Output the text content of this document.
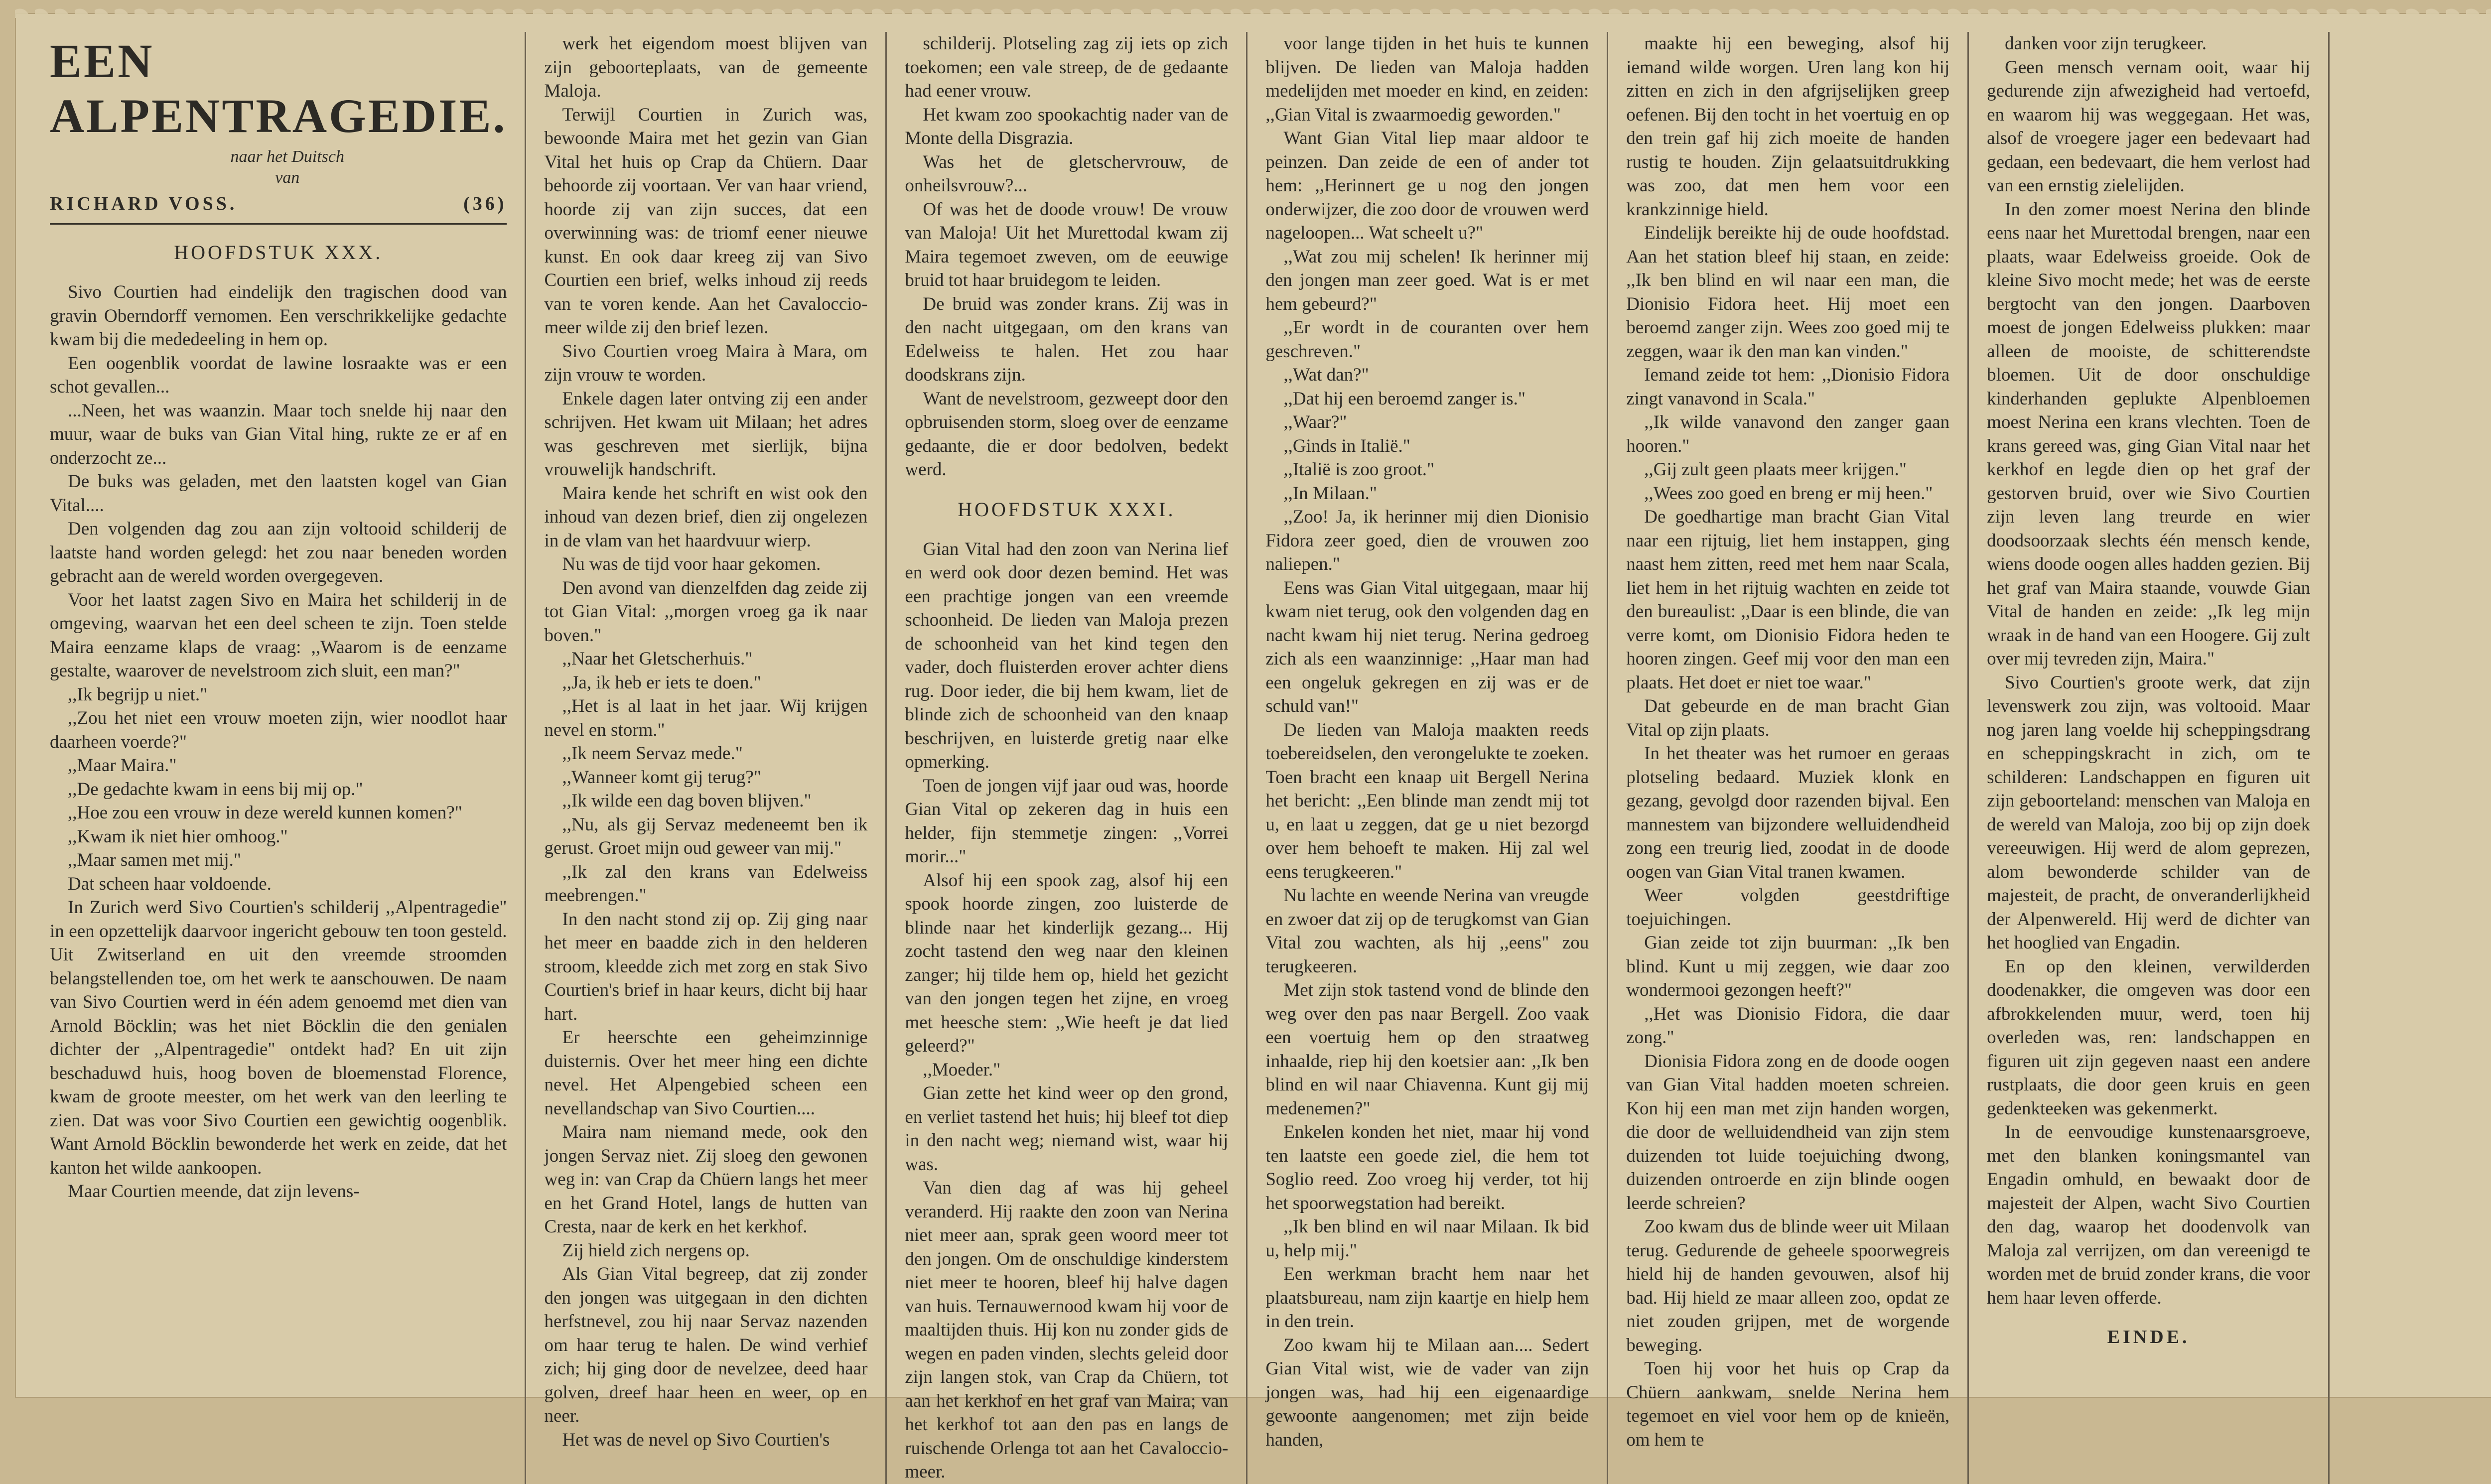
EEN ALPENTRAGEDIE.

naar het Duitsch

van

RICHARD VOSS.	(36)
HOOFDSTUK XXX.

Sivo Courtien had eindelijk den tragischen dood van gravin Oberndorff vernomen. Een verschrikkelijke gedachte kwam bij die mededeeling in hem op.

Een oogenblik voordat de lawine losraakte was er een schot gevallen...

...Neen, het was waanzin. Maar toch snelde hij naar den muur, waar de buks van Gian Vital hing, rukte ze er af en onderzocht ze...

De buks was geladen, met den laatsten kogel van Gian Vital....

Den volgenden dag zou aan zijn voltooid schilderij de laatste hand worden gelegd: het zou naar beneden worden gebracht aan de wereld worden overgegeven.

Voor het laatst zagen Sivo en Maira het schilderij in de omgeving, waarvan het een deel scheen te zijn. Toen stelde Maira eenzame klaps de vraag: ,,Waarom is de eenzame gestalte, waarover de nevelstroom zich sluit, een man?"

,,Ik begrijp u niet."

,,Zou het niet een vrouw moeten zijn, wier noodlot haar daarheen voerde?"

,,Maar Maira."

,,De gedachte kwam in eens bij mij op."

,,Hoe zou een vrouw in deze wereld kunnen komen?"

,,Kwam ik niet hier omhoog."

,,Maar samen met mij."

Dat scheen haar voldoende.

In Zurich werd Sivo Courtien's schilderij ,,Alpentragedie" in een opzettelijk daarvoor ingericht gebouw ten toon gesteld. Uit Zwitserland en uit den vreemde stroomden belangstellenden toe, om het werk te aanschouwen. De naam van Sivo Courtien werd in één adem genoemd met dien van Arnold Böcklin; was het niet Böcklin die den genialen dichter der ,,Alpentragedie" ontdekt had? En uit zijn beschaduwd huis, hoog boven de bloemenstad Florence, kwam de groote meester, om het werk van den leerling te zien. Dat was voor Sivo Courtien een gewichtig oogenblik. Want Arnold Böcklin bewonderde het werk en zeide, dat het kanton het wilde aankoopen.

Maar Courtien meende, dat zijn levens-

werk het eigendom moest blijven van zijn geboorteplaats, van de gemeente Maloja.

Terwijl Courtien in Zurich was, bewoonde Maira met het gezin van Gian Vital het huis op Crap da Chüern. Daar behoorde zij voortaan. Ver van haar vriend, hoorde zij van zijn succes, dat een overwinning was: de triomf eener nieuwe kunst. En ook daar kreeg zij van Sivo Courtien een brief, welks inhoud zij reeds van te voren kende. Aan het Cavaloccio-meer wilde zij den brief lezen.

Sivo Courtien vroeg Maira à Mara, om zijn vrouw te worden.

Enkele dagen later ontving zij een ander schrijven. Het kwam uit Milaan; het adres was geschreven met sierlijk, bijna vrouwelijk handschrift.

Maira kende het schrift en wist ook den inhoud van dezen brief, dien zij ongelezen in de vlam van het haardvuur wierp.

Nu was de tijd voor haar gekomen.

Den avond van dienzelfden dag zeide zij tot Gian Vital: ,,morgen vroeg ga ik naar boven."

,,Naar het Gletscherhuis."

,,Ja, ik heb er iets te doen."

,,Het is al laat in het jaar. Wij krijgen nevel en storm."

,,Ik neem Servaz mede."

,,Wanneer komt gij terug?"

,,Ik wilde een dag boven blijven."

,,Nu, als gij Servaz medeneemt ben ik gerust. Groet mijn oud geweer van mij."

,,Ik zal den krans van Edelweiss meebrengen."

In den nacht stond zij op. Zij ging naar het meer en baadde zich in den helderen stroom, kleedde zich met zorg en stak Sivo Courtien's brief in haar keurs, dicht bij haar hart.

Er heerschte een geheimzinnige duisternis. Over het meer hing een dichte nevel. Het Alpengebied scheen een nevellandschap van Sivo Courtien....

Maira nam niemand mede, ook den jongen Servaz niet. Zij sloeg den gewonen weg in: van Crap da Chüern langs het meer en het Grand Hotel, langs de hutten van Cresta, naar de kerk en het kerkhof.

Zij hield zich nergens op.

Als Gian Vital begreep, dat zij zonder den jongen was uitgegaan in den dichten herfstnevel, zou hij naar Servaz nazenden om haar terug te halen. De wind verhief zich; hij ging door de nevelzee, deed haar golven, dreef haar heen en weer, op en neer.

Het was de nevel op Sivo Courtien's

schilderij. Plotseling zag zij iets op zich toekomen; een vale streep, de de gedaante had eener vrouw.

Het kwam zoo spookachtig nader van de Monte della Disgrazia.

Was het de gletschervrouw, de onheilsvrouw?...

Of was het de doode vrouw! De vrouw van Maloja! Uit het Murettodal kwam zij Maira tegemoet zweven, om de eeuwige bruid tot haar bruidegom te leiden.

De bruid was zonder krans. Zij was in den nacht uitgegaan, om den krans van Edelweiss te halen. Het zou haar doodskrans zijn.

Want de nevelstroom, gezweept door den opbruisenden storm, sloeg over de eenzame gedaante, die er door bedolven, bedekt werd.

HOOFDSTUK XXXI.

Gian Vital had den zoon van Nerina lief en werd ook door dezen bemind. Het was een prachtige jongen van een vreemde schoonheid. De lieden van Maloja prezen de schoonheid van het kind tegen den vader, doch fluisterden erover achter diens rug. Door ieder, die bij hem kwam, liet de blinde zich de schoonheid van den knaap beschrijven, en luisterde gretig naar elke opmerking.

Toen de jongen vijf jaar oud was, hoorde Gian Vital op zekeren dag in huis een helder, fijn stemmetje zingen: ,,Vorrei morir..."

Alsof hij een spook zag, alsof hij een spook hoorde zingen, zoo luisterde de blinde naar het kinderlijk gezang... Hij zocht tastend den weg naar den kleinen zanger; hij tilde hem op, hield het gezicht van den jongen tegen het zijne, en vroeg met heesche stem: ,,Wie heeft je dat lied geleerd?"

,,Moeder."

Gian zette het kind weer op den grond, en verliet tastend het huis; hij bleef tot diep in den nacht weg; niemand wist, waar hij was.

Van dien dag af was hij geheel veranderd. Hij raakte den zoon van Nerina niet meer aan, sprak geen woord meer tot den jongen. Om de onschuldige kinderstem niet meer te hooren, bleef hij halve dagen van huis. Ternauwernood kwam hij voor de maaltijden thuis. Hij kon nu zonder gids de wegen en paden vinden, slechts geleid door zijn langen stok, van Crap da Chüern, tot aan het kerkhof en het graf van Maira; van het kerkhof tot aan den pas en langs de ruischende Orlenga tot aan het Cavaloccio-meer.

voor lange tijden in het huis te kunnen blijven. De lieden van Maloja hadden medelijden met moeder en kind, en zeiden: ,,Gian Vital is zwaarmoedig geworden."

Want Gian Vital liep maar aldoor te peinzen. Dan zeide de een of ander tot hem: ,,Herinnert ge u nog den jongen onderwijzer, die zoo door de vrouwen werd nageloopen... Wat scheelt u?"

,,Wat zou mij schelen! Ik herinner mij den jongen man zeer goed. Wat is er met hem gebeurd?"

,,Er wordt in de couranten over hem geschreven."

,,Wat dan?"

,,Dat hij een beroemd zanger is."

,,Waar?"

,,Ginds in Italië."

,,Italië is zoo groot."

,,In Milaan."

,,Zoo! Ja, ik herinner mij dien Dionisio Fidora zeer goed, dien de vrouwen zoo naliepen."

Eens was Gian Vital uitgegaan, maar hij kwam niet terug, ook den volgenden dag en nacht kwam hij niet terug. Nerina gedroeg zich als een waanzinnige: ,,Haar man had een ongeluk gekregen en zij was er de schuld van!"

De lieden van Maloja maakten reeds toebereidselen, den verongelukte te zoeken. Toen bracht een knaap uit Bergell Nerina het bericht: ,,Een blinde man zendt mij tot u, en laat u zeggen, dat ge u niet bezorgd over hem behoeft te maken. Hij zal wel eens terugkeeren."

Nu lachte en weende Nerina van vreugde en zwoer dat zij op de terugkomst van Gian Vital zou wachten, als hij ,,eens" zou terugkeeren.

Met zijn stok tastend vond de blinde den weg over den pas naar Bergell. Zoo vaak een voertuig hem op den straatweg inhaalde, riep hij den koetsier aan: ,,Ik ben blind en wil naar Chiavenna. Kunt gij mij medenemen?"

Enkelen konden het niet, maar hij vond ten laatste een goede ziel, die hem tot Soglio reed. Zoo vroeg hij verder, tot hij het spoorwegstation had bereikt.

,,Ik ben blind en wil naar Milaan. Ik bid u, help mij."

Een werkman bracht hem naar het plaatsbureau, nam zijn kaartje en hielp hem in den trein.

Zoo kwam hij te Milaan aan.... Sedert Gian Vital wist, wie de vader van zijn jongen was, had hij een eigenaardige gewoonte aangenomen; met zijn beide handen,

maakte hij een beweging, alsof hij iemand wilde worgen. Uren lang kon hij zitten en zich in den afgrijselijken greep oefenen. Bij den tocht in het voertuig en op den trein gaf hij zich moeite de handen rustig te houden. Zijn gelaatsuitdrukking was zoo, dat men hem voor een krankzinnige hield.

Eindelijk bereikte hij de oude hoofdstad. Aan het station bleef hij staan, en zeide: ,,Ik ben blind en wil naar een man, die Dionisio Fidora heet. Hij moet een beroemd zanger zijn. Wees zoo goed mij te zeggen, waar ik den man kan vinden."

Iemand zeide tot hem: ,,Dionisio Fidora zingt vanavond in Scala."

,,Ik wilde vanavond den zanger gaan hooren."

,,Gij zult geen plaats meer krijgen."

,,Wees zoo goed en breng er mij heen."

De goedhartige man bracht Gian Vital naar een rijtuig, liet hem instappen, ging naast hem zitten, reed met hem naar Scala, liet hem in het rijtuig wachten en zeide tot den bureaulist: ,,Daar is een blinde, die van verre komt, om Dionisio Fidora heden te hooren zingen. Geef mij voor den man een plaats. Het doet er niet toe waar."

Dat gebeurde en de man bracht Gian Vital op zijn plaats.

In het theater was het rumoer en geraas plotseling bedaard. Muziek klonk en gezang, gevolgd door razenden bijval. Een mannestem van bijzondere welluidendheid zong een treurig lied, zoodat in de doode oogen van Gian Vital tranen kwamen.

Weer volgden geestdriftige toejuichingen.

Gian zeide tot zijn buurman: ,,Ik ben blind. Kunt u mij zeggen, wie daar zoo wondermooi gezongen heeft?"

,,Het was Dionisio Fidora, die daar zong."

Dionisia Fidora zong en de doode oogen van Gian Vital hadden moeten schreien. Kon hij een man met zijn handen worgen, die door de welluidendheid van zijn stem duizenden tot luide toejuiching dwong, duizenden ontroerde en zijn blinde oogen leerde schreien?

Zoo kwam dus de blinde weer uit Milaan terug. Gedurende de geheele spoorwegreis hield hij de handen gevouwen, alsof hij bad. Hij hield ze maar alleen zoo, opdat ze niet zouden grijpen, met de worgende beweging.

Toen hij voor het huis op Crap da Chüern aankwam, snelde Nerina hem tegemoet en viel voor hem op de knieën, om hem te

danken voor zijn terugkeer.

Geen mensch vernam ooit, waar hij gedurende zijn afwezigheid had vertoefd, en waarom hij was weggegaan. Het was, alsof de vroegere jager een bedevaart had gedaan, een bedevaart, die hem verlost had van een ernstig zielelijden.

In den zomer moest Nerina den blinde eens naar het Murettodal brengen, naar een plaats, waar Edelweiss groeide. Ook de kleine Sivo mocht mede; het was de eerste bergtocht van den jongen. Daarboven moest de jongen Edelweiss plukken: maar alleen de mooiste, de schitterendste bloemen. Uit de door onschuldige kinderhanden geplukte Alpenbloemen moest Nerina een krans vlechten. Toen de krans gereed was, ging Gian Vital naar het kerkhof en legde dien op het graf der gestorven bruid, over wie Sivo Courtien zijn leven lang treurde en wier doodsoorzaak slechts één mensch kende, wiens doode oogen alles hadden gezien. Bij het graf van Maira staande, vouwde Gian Vital de handen en zeide: ,,Ik leg mijn wraak in de hand van een Hoogere. Gij zult over mij tevreden zijn, Maira."

Sivo Courtien's groote werk, dat zijn levenswerk zou zijn, was voltooid. Maar nog jaren lang voelde hij scheppingsdrang en scheppingskracht in zich, om te schilderen: Landschappen en figuren uit zijn geboorteland: menschen van Maloja en de wereld van Maloja, zoo bij op zijn doek vereeuwigen. Hij werd de alom geprezen, alom bewonderde schilder van de majesteit, de pracht, de onveranderlijkheid der Alpenwereld. Hij werd de dichter van het hooglied van Engadin.

En op den kleinen, verwilderden doodenakker, die omgeven was door een afbrokkelenden muur, werd, toen hij overleden was, ren: landschappen en figuren uit zijn gegeven naast een andere rustplaats, die door geen kruis en geen gedenkteeken was gekenmerkt.

In de eenvoudige kunstenaarsgroeve, met den blanken koningsmantel van Engadin omhuld, en bewaakt door de majesteit der Alpen, wacht Sivo Courtien den dag, waarop het doodenvolk van Maloja zal verrijzen, om dan vereenigd te worden met de bruid zonder krans, die voor hem haar leven offerde.

EINDE.
